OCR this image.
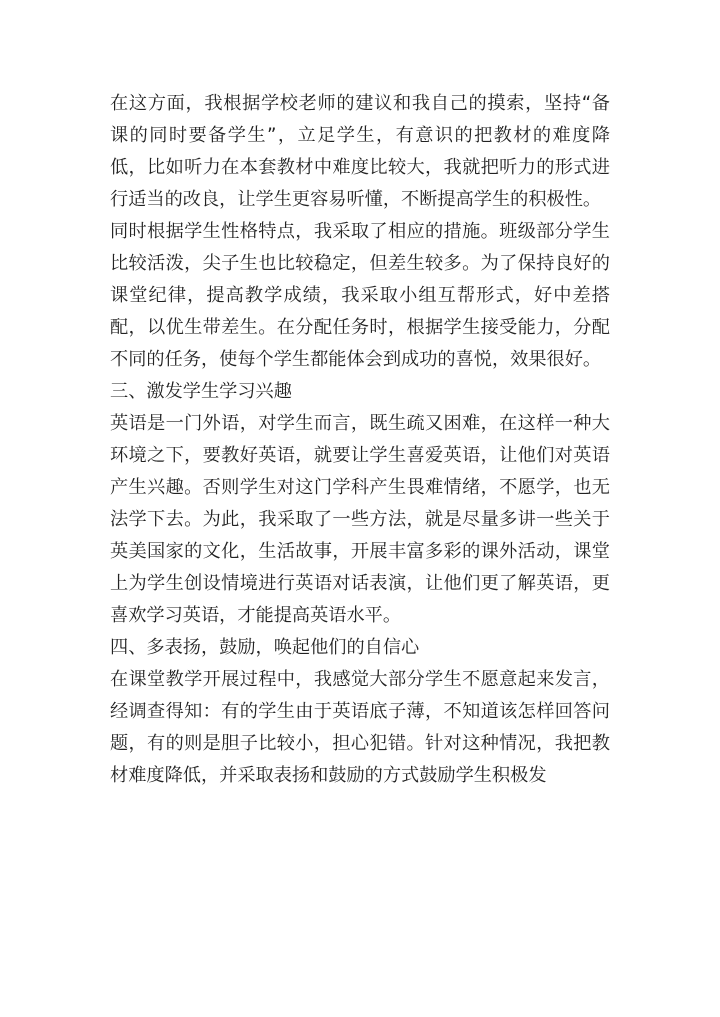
在这方面，我根据学校老师的建议和我自己的摸索，坚持“备课的同时要备学生”，立足学生，有意识的把教材的难度降低，比如听力在本套教材中难度比较大，我就把听力的形式进行适当的改良，让学生更容易听懂，不断提高学生的积极性。

同时根据学生性格特点，我采取了相应的措施。班级部分学生比较活泼，尖子生也比较稳定，但差生较多。为了保持良好的课堂纪律，提高教学成绩，我采取小组互帮形式，好中差搭配，以优生带差生。在分配任务时，根据学生接受能力，分配不同的任务，使每个学生都能体会到成功的喜悦，效果很好。

三、激发学生学习兴趣

英语是一门外语，对学生而言，既生疏又困难，在这样一种大环境之下，要教好英语，就要让学生喜爱英语，让他们对英语产生兴趣。否则学生对这门学科产生畏难情绪，不愿学，也无法学下去。为此，我采取了一些方法，就是尽量多讲一些关于英美国家的文化，生活故事，开展丰富多彩的课外活动，课堂上为学生创设情境进行英语对话表演，让他们更了解英语，更喜欢学习英语，才能提高英语水平。

四、多表扬，鼓励，唤起他们的自信心

在课堂教学开展过程中，我感觉大部分学生不愿意起来发言，经调查得知：有的学生由于英语底子薄，不知道该怎样回答问题，有的则是胆子比较小，担心犯错。针对这种情况，我把教材难度降低，并采取表扬和鼓励的方式鼓励学生积极发
